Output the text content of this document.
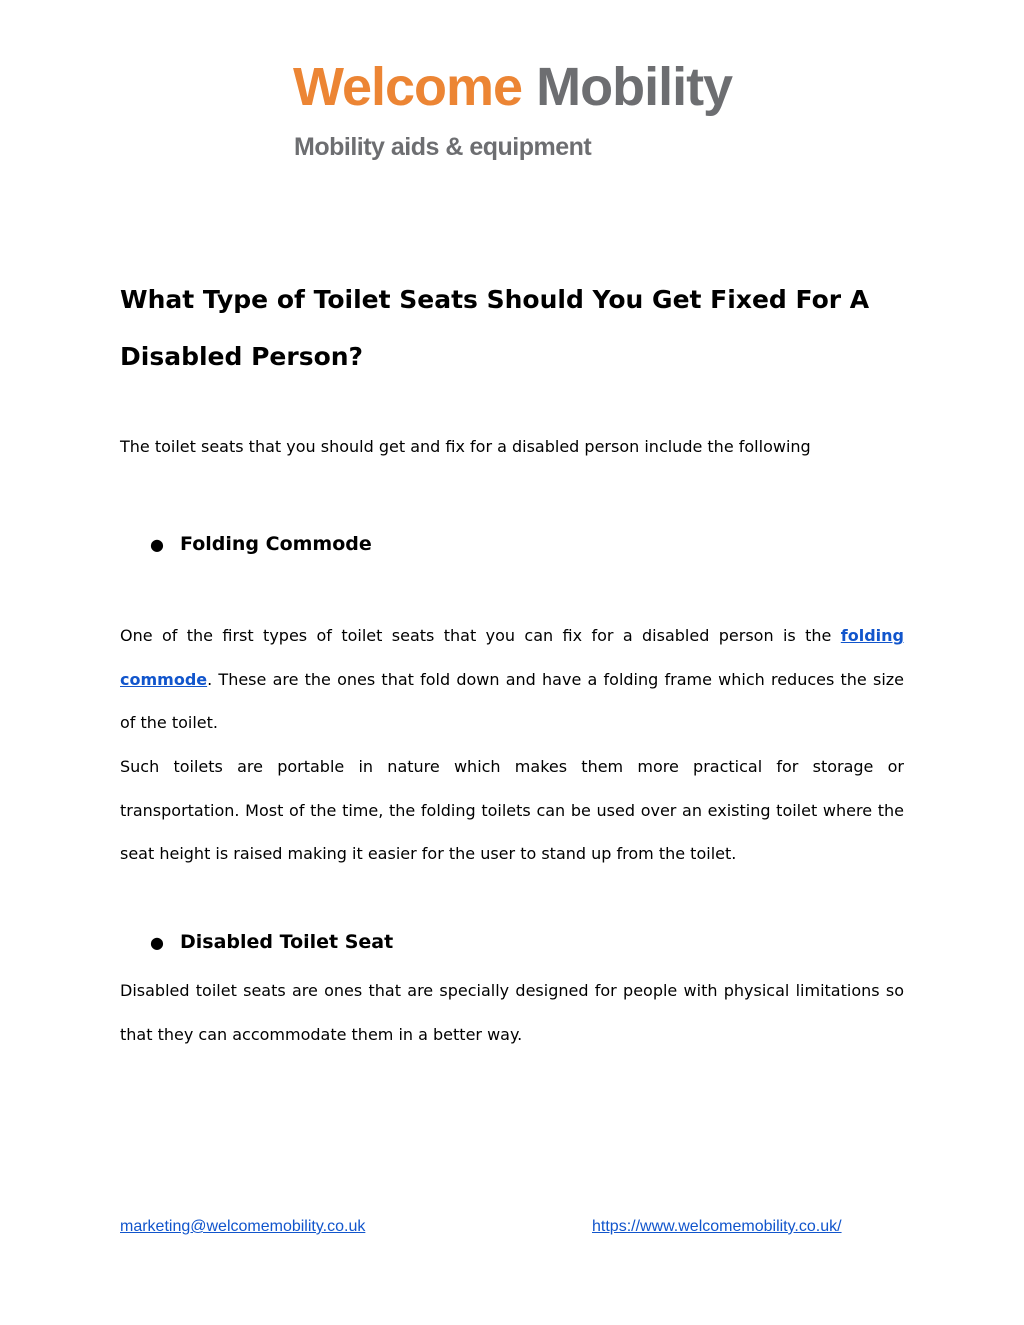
Welcome Mobility
Mobility aids & equipment
What Type of Toilet Seats Should You Get Fixed For A Disabled Person?

The toilet seats that you should get and fix for a disabled person include the following

● Folding Commode

One of the first types of toilet seats that you can fix for a disabled person is the folding commode. These are the ones that fold down and have a folding frame which reduces the size of the toilet.

Such toilets are portable in nature which makes them more practical for storage or transportation. Most of the time, the folding toilets can be used over an existing toilet where the seat height is raised making it easier for the user to stand up from the toilet.

● Disabled Toilet Seat

Disabled toilet seats are ones that are specially designed for people with physical limitations so that they can accommodate them in a better way.

marketing@welcomemobility.co.uk	https://www.welcomemobility.co.uk/
